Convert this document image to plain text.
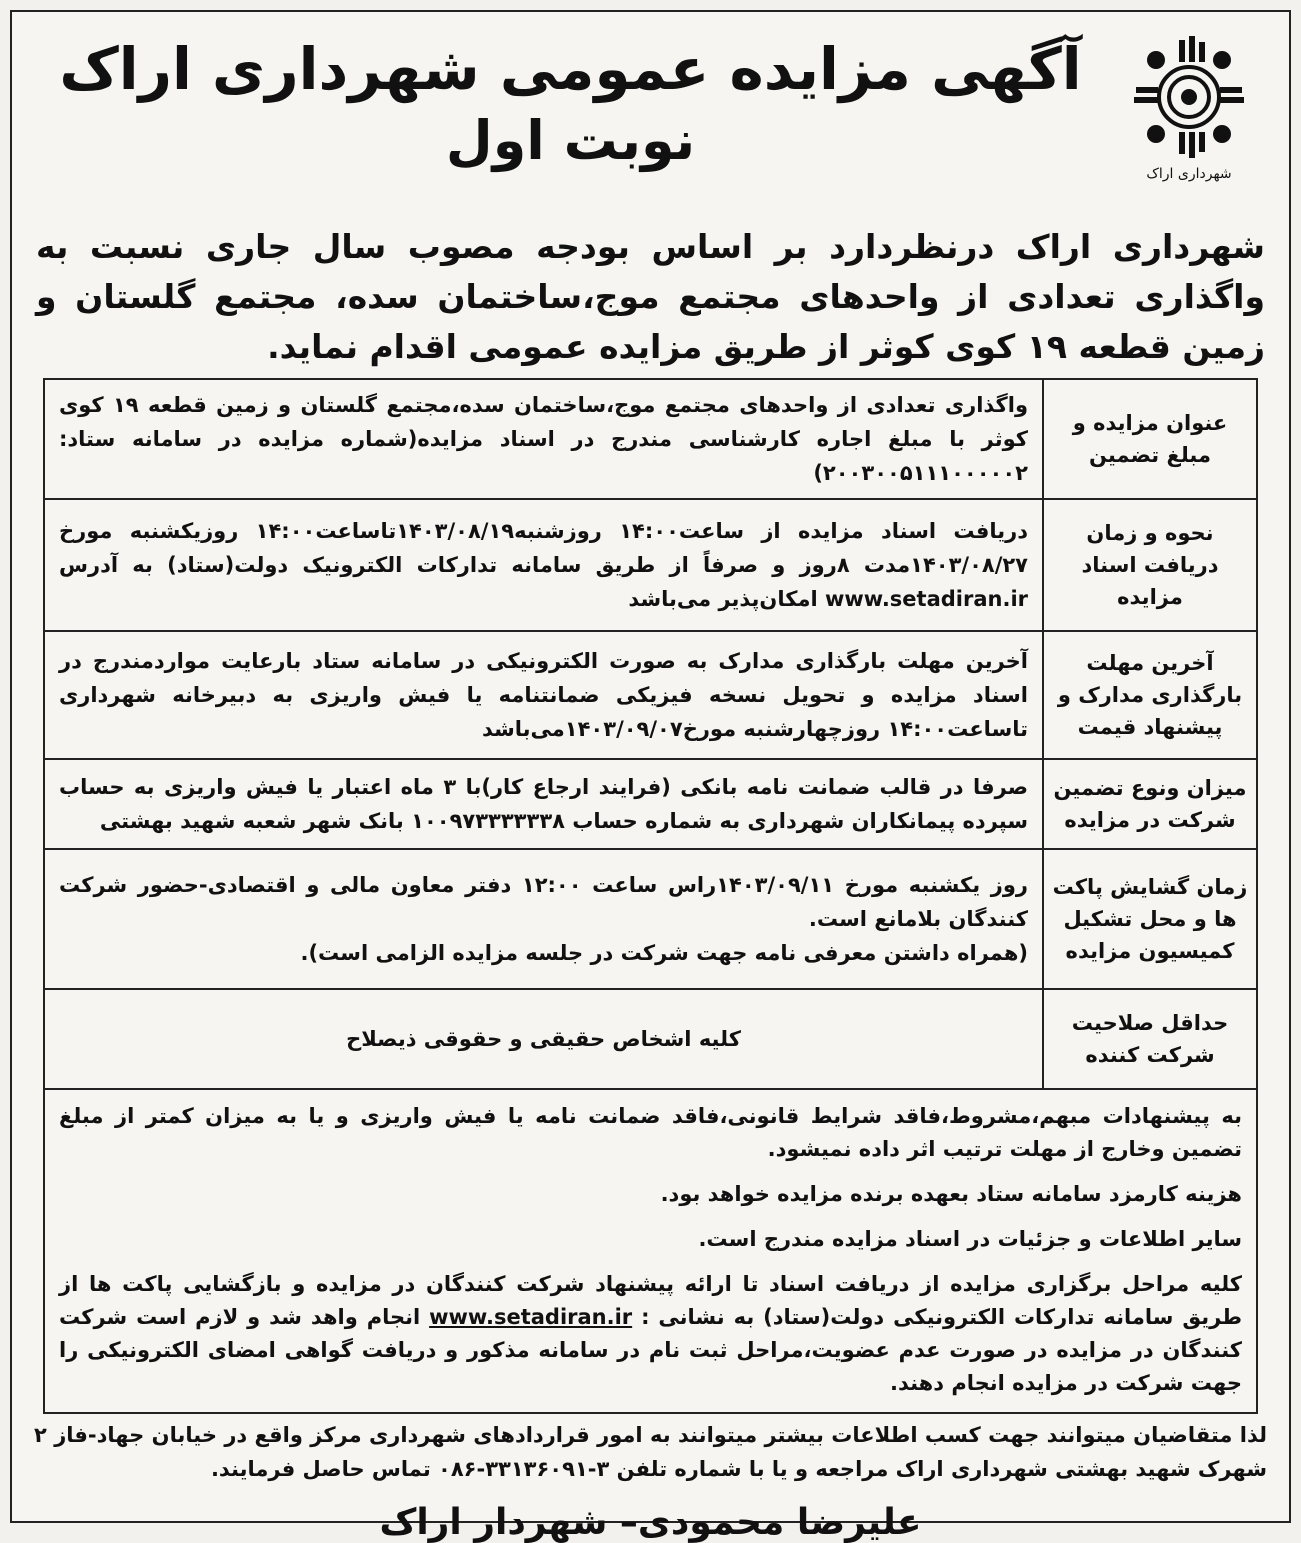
شهرداری اراک
آگهی مزایده عمومی شهرداری اراک
نوبت اول
شهرداری اراک درنظردارد بر اساس بودجه مصوب سال جاری نسبت به واگذاری تعدادی از واحدهای مجتمع موج،ساختمان سده، مجتمع گلستان و زمین قطعه ۱۹ کوی کوثر از طریق مزایده عمومی اقدام نماید.
عنوان مزایده و مبلغ تضمین	واگذاری تعدادی از واحدهای مجتمع موج،ساختمان سده،مجتمع گلستان و زمین قطعه ۱۹ کوی کوثر با مبلغ اجاره کارشناسی مندرج در اسناد مزایده(شماره مزایده در سامانه ستاد: ۲۰۰۳۰۰۵۱۱۱۰۰۰۰۰۲)
نحوه و زمان دریافت اسناد مزایده	دریافت اسناد مزایده از ساعت۱۴:۰۰ روزشنبه۱۴۰۳/۰۸/۱۹تاساعت۱۴:۰۰ روزیکشنبه مورخ ۱۴۰۳/۰۸/۲۷مدت ۸روز و صرفاً از طریق سامانه تدارکات الکترونیک دولت(ستاد) به آدرس www.setadiran.ir امکان‌پذیر می‌باشد
آخرین مهلت بارگذاری مدارک و پیشنهاد قیمت	آخرین مهلت بارگذاری مدارک به صورت الکترونیکی در سامانه ستاد بارعایت مواردمندرج در اسناد مزایده و تحویل نسخه فیزیکی ضمانتنامه یا فیش واریزی به دبیرخانه شهرداری تاساعت۱۴:۰۰ روزچهارشنبه مورخ۱۴۰۳/۰۹/۰۷می‌باشد
میزان ونوع تضمین شرکت در مزایده	صرفا در قالب ضمانت نامه بانکی (فرایند ارجاع کار)با ۳ ماه اعتبار یا فیش واریزی به حساب سپرده پیمانکاران شهرداری به شماره حساب ۱۰۰۹۷۳۳۳۳۳۳۸ بانک شهر شعبه شهید بهشتی
زمان گشایش پاکت ها و محل تشکیل کمیسیون مزایده	روز یکشنبه مورخ ۱۴۰۳/۰۹/۱۱راس ساعت ۱۲:۰۰ دفتر معاون مالی و اقتصادی-حضور شرکت کنندگان بلامانع است.
(همراه داشتن معرفی نامه جهت شرکت در جلسه مزایده الزامی است).

حداقل صلاحیت شرکت کننده	کلیه اشخاص حقیقی و حقوقی ذیصلاح

به پیشنهادات مبهم،مشروط،فاقد شرایط قانونی،فاقد ضمانت نامه یا فیش واریزی و یا به میزان کمتر از مبلغ تضمین وخارج از مهلت ترتیب اثر داده نمیشود.

هزینه کارمزد سامانه ستاد بعهده برنده مزایده خواهد بود.

سایر اطلاعات و جزئیات در اسناد مزایده مندرج است.

کلیه مراحل برگزاری مزایده از دریافت اسناد تا ارائه پیشنهاد شرکت کنندگان در مزایده و بازگشایی پاکت ها از طریق سامانه تدارکات الکترونیکی دولت(ستاد) به نشانی : www.setadiran.ir انجام واهد شد و لازم است شرکت کنندگان در مزایده در صورت عدم عضویت،مراحل ثبت نام در سامانه مذکور و دریافت گواهی امضای الکترونیکی را جهت شرکت در مزایده انجام دهند.

لذا متقاضیان میتوانند جهت کسب اطلاعات بیشتر میتوانند به امور قراردادهای شهرداری مرکز واقع در خیابان جهاد-فاز ۲ شهرک شهید بهشتی شهرداری اراک مراجعه و یا با شماره تلفن ۳-۳۳۱۳۶۰۹۱-۰۸۶ تماس حاصل فرمایند.
علیرضا محمودی– شهردار اراک
